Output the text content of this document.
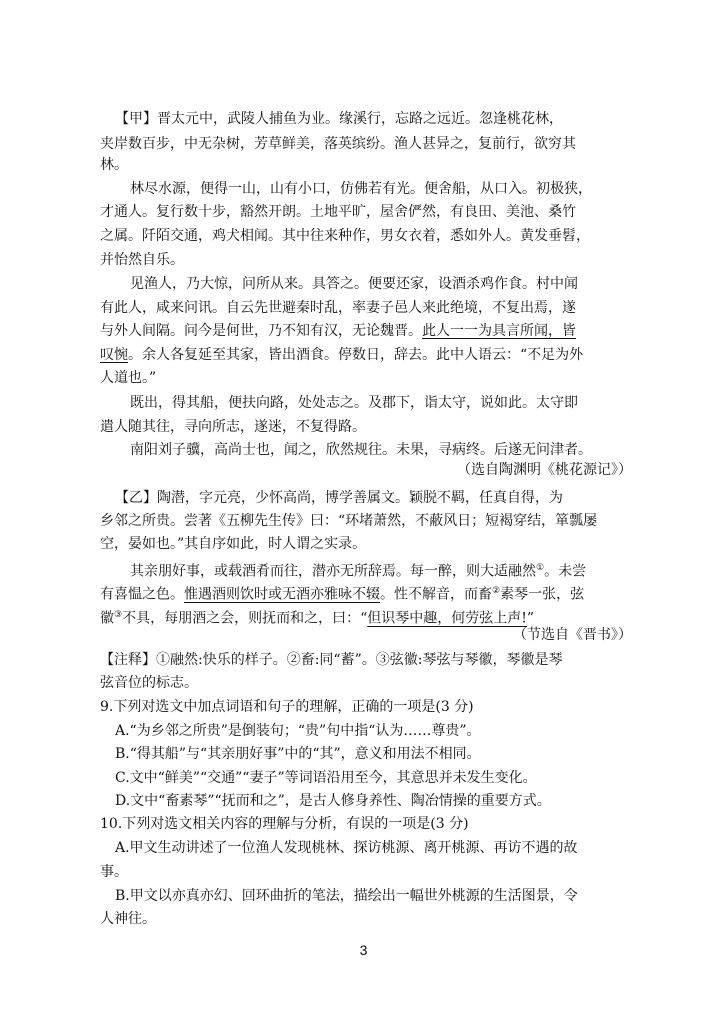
【甲】晋太元中，武陵人捕鱼为业。缘溪行，忘路之远近。忽逢桃花林，
夹岸数百步，中无杂树，芳草鲜美，落英缤纷。渔人甚异之，复前行，欲穷其
林。
林尽水源，便得一山，山有小口，仿佛若有光。便舍船，从口入。初极狭，
才通人。复行数十步，豁然开朗。土地平旷，屋舍俨然，有良田、美池、桑竹
之属。阡陌交通，鸡犬相闻。其中往来种作，男女衣着，悉如外人。黄发垂髫，
并怡然自乐。
见渔人，乃大惊，问所从来。具答之。便要还家，设酒杀鸡作食。村中闻
有此人，咸来问讯。自云先世避秦时乱，率妻子邑人来此绝境，不复出焉，遂
与外人间隔。问今是何世，乃不知有汉，无论魏晋。此人一一为具言所闻，皆
叹惋。余人各复延至其家，皆出酒食。停数日，辞去。此中人语云：“不足为外
人道也。”
既出，得其船，便扶向路，处处志之。及郡下，诣太守，说如此。太守即
遣人随其往，寻向所志，遂迷，不复得路。
南阳刘子骥，高尚士也，闻之，欣然规往。未果，寻病终。后遂无问津者。
（选自陶渊明《桃花源记》）
【乙】陶潜，字元亮，少怀高尚，博学善属文。颖脱不羁，任真自得，为
乡邻之所贵。尝著《五柳先生传》曰：“环堵萧然，不蔽风日；短褐穿结，箪瓢屡
空，晏如也。”其自序如此，时人谓之实录。
其亲朋好事，或载酒肴而往，潜亦无所辞焉。每一醉，则大适融然①。未尝
有喜愠之色。惟遇酒则饮时或无酒亦雅咏不辍。性不解音，而畜②素琴一张，弦
徽③不具，每朋酒之会，则抚而和之，曰：“但识琴中趣，何劳弦上声!”
（节选自《晋书》）
【注释】①融然:快乐的样子。②畜:同“蓄”。③弦徽:琴弦与琴徽，琴徽是琴
弦音位的标志。
9.下列对选文中加点词语和句子的理解，正确的一项是(3 分)
A.“为乡邻之所贵”是倒装句；“贵”句中指“认为……尊贵”。
B.“得其船”与“其亲朋好事”中的“其”，意义和用法不相同。
C.文中“鲜美”“交通”“妻子”等词语沿用至今，其意思并未发生变化。
D.文中“畜素琴”“抚而和之”，是古人修身养性、陶冶情操的重要方式。
10.下列对选文相关内容的理解与分析，有误的一项是(3 分)
A.甲文生动讲述了一位渔人发现桃林、探访桃源、离开桃源、再访不遇的故
事。
B.甲文以亦真亦幻、回环曲折的笔法，描绘出一幅世外桃源的生活图景，令
人神往。
3
